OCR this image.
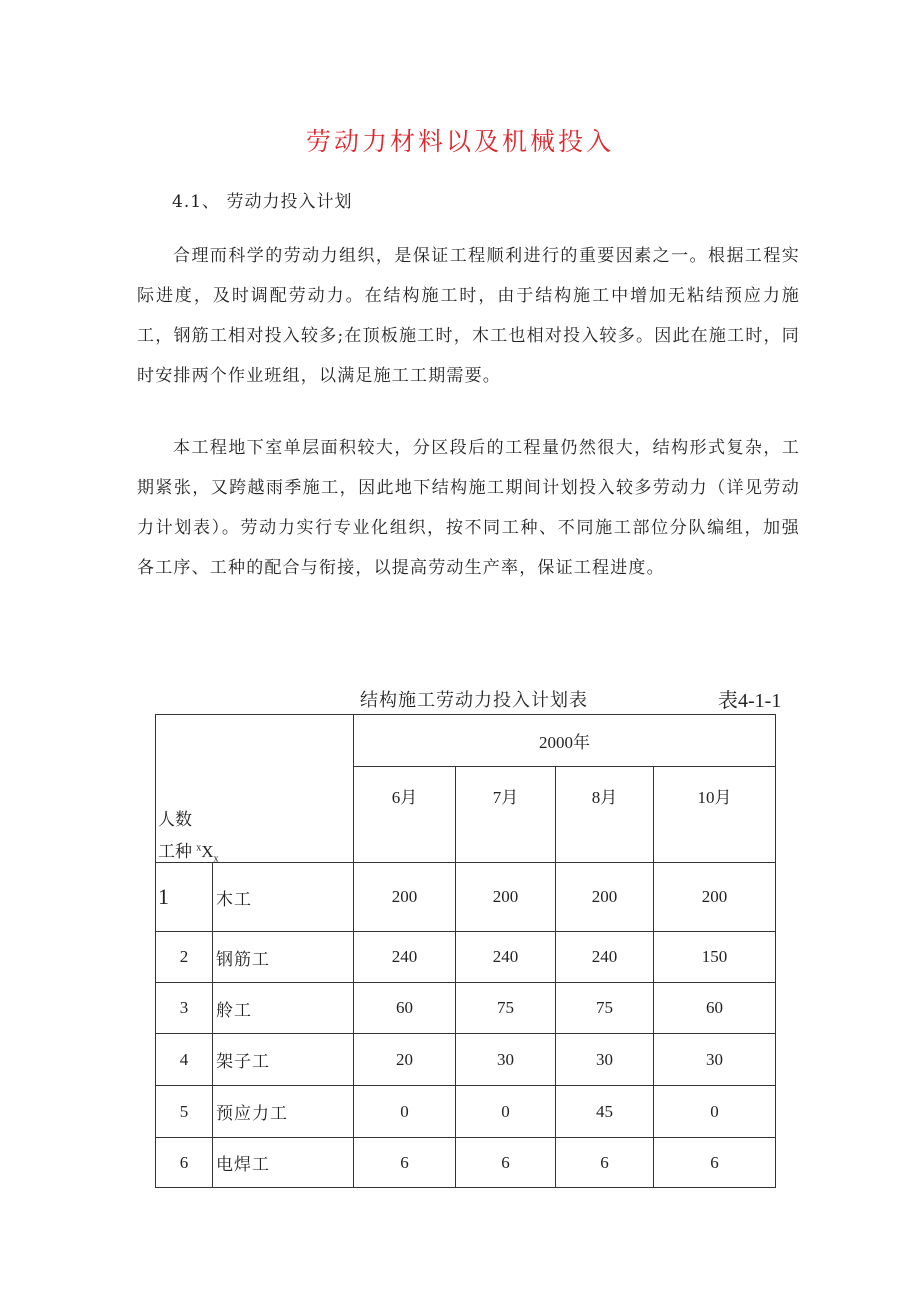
劳动力材料以及机械投入
4.1、 劳动力投入计划

合理而科学的劳动力组织，是保证工程顺利进行的重要因素之一。根据工程实际进度，及时调配劳动力。在结构施工时，由于结构施工中增加无粘结预应力施工，钢筋工相对投入较多;在顶板施工时，木工也相对投入较多。因此在施工时，同时安排两个作业班组，以满足施工工期需要。

本工程地下室单层面积较大，分区段后的工程量仍然很大，结构形式复杂，工期紧张，又跨越雨季施工，因此地下结构施工期间计划投入较多劳动力（详见劳动力计划表）。劳动力实行专业化组织，按不同工种、不同施工部位分队编组，加强各工序、工种的配合与衔接，以提高劳动生产率，保证工程进度。

结构施工劳动力投入计划表	表4-1-1
人数
工种 $^xX_x$		2000年			
		6月	7月	8月	10月
1	木工	200	200	200	200
2	钢筋工	240	240	240	150
3	舲工	60	75	75	60
4	架子工	20	30	30	30
5	预应力工	0	0	45	0
6	电焊工	6	6	6	6
